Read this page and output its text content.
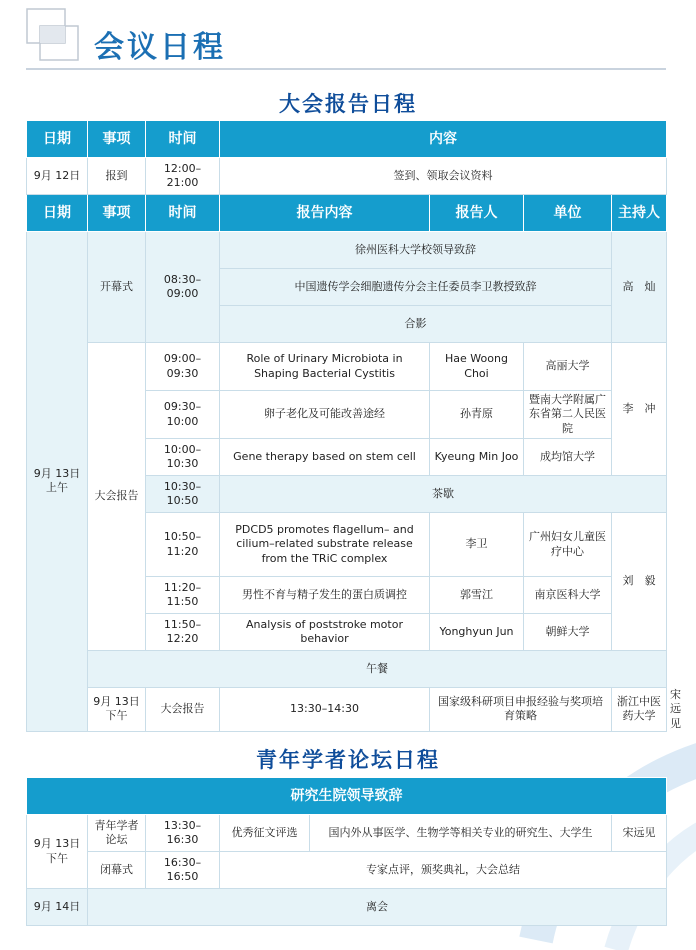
会议日程
大会报告日程
日期	事项	时间	内容				
9月 12日	报到	12:00–21:00	签到、领取会议资料				
日期	事项	时间	报告内容	报告人	单位	主持人	
9月 13日
上午	开幕式	08:30–09:00	徐州医科大学校领导致辞			高　灿	
			中国遗传学会细胞遗传分会主任委员李卫教授致辞				
			合影				
	大会报告	09:00–09:30	Role of Urinary Microbiota in Shaping Bacterial Cystitis	Hae Woong Choi	高丽大学	李　冲	
		09:30–10:00	卵子老化及可能改善途经	孙青原	暨南大学附属广东省第二人民医院		
		10:00–10:30	Gene therapy based on stem cell	Kyeung Min Joo	成均馆大学		
		10:30–10:50	茶歇				
		10:50–11:20	PDCD5 promotes flagellum– and cilium–related substrate release from the TRiC complex	李卫	广州妇女儿童医疗中心	刘　毅	
		11:20–11:50	男性不育与精子发生的蛋白质调控	郭雪江	南京医科大学		
		11:50–12:20	Analysis of poststroke motor behavior	Yonghyun Jun	朝鲜大学		
	午餐						
	9月 13日
下午	大会报告	13:30–14:30	国家级科研项目申报经验与奖项培育策略		浙江中医药大学	宋远见
青年学者论坛日程
研究生院领导致辞					
9月 13日
下午	青年学者论坛	13:30–16:30	优秀征文评选	国内外从事医学、生物学等相关专业的研究生、大学生	宋远见
	闭幕式	16:30–16:50	专家点评，颁奖典礼，大会总结		
9月 14日	离会				
